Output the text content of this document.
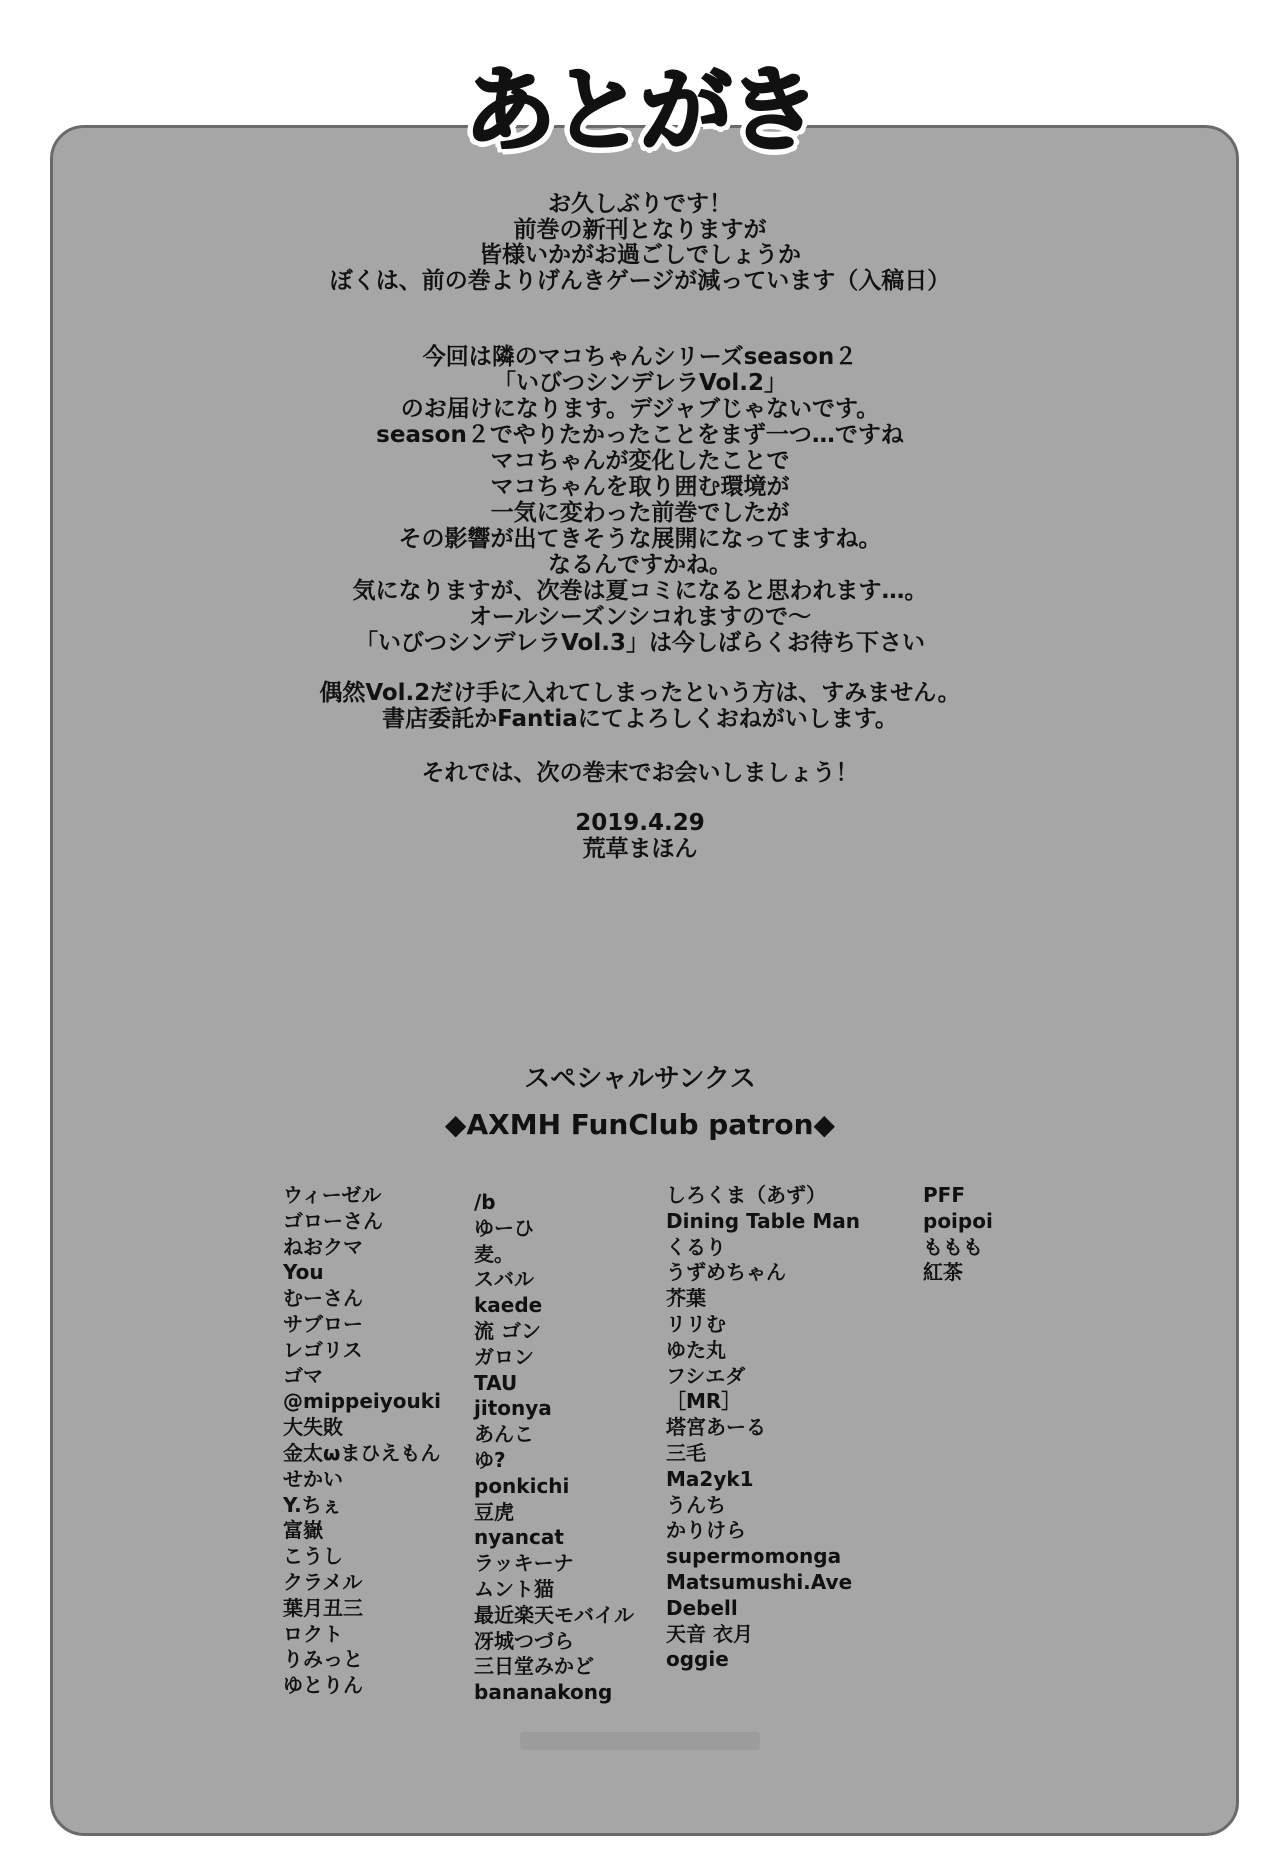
あとがき
お久しぶりです！
前巻の新刊となりますが
皆様いかがお過ごしでしょうか
ぼくは、前の巻よりげんきゲージが減っています（入稿日）
今回は隣のマコちゃんシリーズseason２
「いびつシンデレラVol.2」
のお届けになります。デジャブじゃないです。
season２でやりたかったことをまず一つ…ですね
マコちゃんが変化したことで
マコちゃんを取り囲む環境が
一気に変わった前巻でしたが
その影響が出てきそうな展開になってますね。
なるんですかね。
気になりますが、次巻は夏コミになると思われます…。
オールシーズンシコれますので〜
「いびつシンデレラVol.3」は今しばらくお待ち下さい
偶然Vol.2だけ手に入れてしまったという方は、すみません。
書店委託かFantiaにてよろしくおねがいします。
それでは、次の巻末でお会いしましょう！
2019.4.29
荒草まほん
スペシャルサンクス
◆AXMH FunClub patron◆
ウィーゼル
ゴローさん
ねおクマ
You
むーさん
サブロー
レゴリス
ゴマ
@mippeiyouki
大失敗
金太ωまひえもん
せかい
Y.ちぇ
富嶽
こうし
クラメル
葉月丑三
ロクト
りみっと
ゆとりん
/b
ゆーひ
麦。
スバル
kaede
流 ゴン
ガロン
TAU
jitonya
あんこ
ゆ?
ponkichi
豆虎
nyancat
ラッキーナ
ムント猫
最近楽天モバイル
冴城つづら
三日堂みかど
bananakong
しろくま（あず）
Dining Table Man
くるり
うずめちゃん
芥葉
リリむ
ゆた丸
フシエダ
［MR］
塔宮あーる
三毛
Ma2yk1
うんち
かりけら
supermomonga
Matsumushi.Ave
Debell
天音 衣月
oggie
PFF
poipoi
ももも
紅茶
